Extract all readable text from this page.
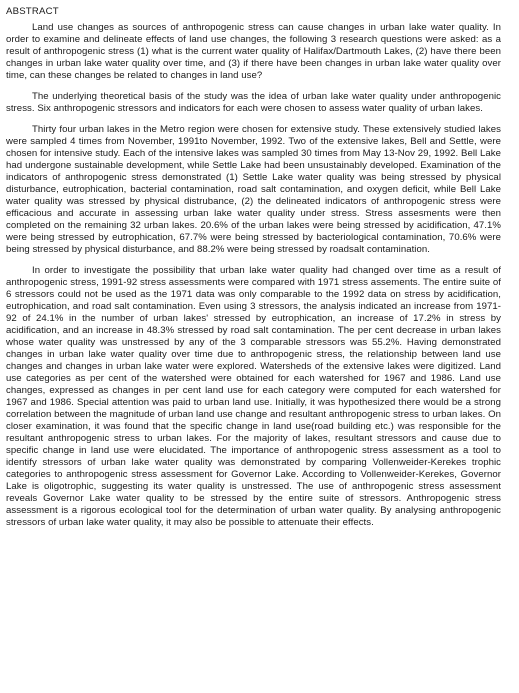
ABSTRACT

Land use changes as sources of anthropogenic stress can cause changes in urban lake water quality. In order to examine and delineate effects of land use changes, the following 3 research questions were asked: as a result of anthropogenic stress (1) what is the current water quality of Halifax/Dartmouth Lakes, (2) have there been changes in urban lake water quality over time, and (3) if there have been changes in urban lake water quality over time, can these changes be related to changes in land use?

The underlying theoretical basis of the study was the idea of urban lake water quality under anthropogenic stress. Six anthropogenic stressors and indicators for each were chosen to assess water quality of urban lakes.

Thirty four urban lakes in the Metro region were chosen for extensive study. These extensively studied lakes were sampled 4 times from November, 1991to November, 1992. Two of the extensive lakes, Bell and Settle, were chosen for intensive study. Each of the intensive lakes was sampled 30 times from May 13-Nov 29, 1992. Bell Lake had undergone sustainable development, while Settle Lake had been unsustainably developed. Examination of the indicators of anthropogenic stress demonstrated (1) Settle Lake water quality was being stressed by physical disturbance, eutrophication, bacterial contamination, road salt contamination, and oxygen deficit, while Bell Lake water quality was stressed by physical distrubance, (2) the delineated indicators of anthropogenic stress were efficacious and accurate in assessing urban lake water quality under stress. Stress assesments were then completed on the remaining 32 urban lakes. 20.6% of the urban lakes were being stressed by acidification, 47.1% were being stressed by eutrophication, 67.7% were being stressed by bacteriological contamination, 70.6% were being stressed by physical disturbance, and 88.2% were being stressed by roadsalt contamination.

In order to investigate the possibility that urban lake water quality had changed over time as a result of anthropogenic stress, 1991-92 stress assessments were compared with 1971 stress assements. The entire suite of 6 stressors could not be used as the 1971 data was only comparable to the 1992 data on stress by acidification, eutrophication, and road salt contamination. Even using 3 stressors, the analysis indicated an increase from 1971-92 of 24.1% in the number of urban lakes' stressed by eutrophication, an increase of 17.2% in stress by acidification, and an increase in 48.3% stressed by road salt contamination. The per cent decrease in urban lakes whose water quality was unstressed by any of the 3 comparable stressors was 55.2%. Having demonstrated changes in urban lake water quality over time due to anthropogenic stress, the relationship between land use changes and changes in urban lake water were explored. Watersheds of the extensive lakes were digitized. Land use categories as per cent of the watershed were obtained for each watershed for 1967 and 1986. Land use changes, expressed as changes in per cent land use for each category were computed for each watershed for 1967 and 1986. Special attention was paid to urban land use. Initially, it was hypothesized there would be a strong correlation between the magnitude of urban land use change and resultant anthropogenic stress to urban lakes. On closer examination, it was found that the specific change in land use(road building etc.) was responsible for the resultant anthropogenic stress to urban lakes. For the majority of lakes, resultant stressors and cause due to specific change in land use were elucidated. The importance of anthropogenic stress assessment as a tool to identify stressors of urban lake water quality was demonstrated by comparing Vollenweider-Kerekes trophic categories to anthropogenic stress assessment for Governor Lake. According to Vollenweider-Kerekes, Governor Lake is oligotrophic, suggesting its water quality is unstressed. The use of anthropogenic stress assessment reveals Governor Lake water quality to be stressed by the entire suite of stressors. Anthropogenic stress assessment is a rigorous ecological tool for the determination of urban water quality. By analysing anthropogenic stressors of urban lake water quality, it may also be possible to attenuate their effects.
